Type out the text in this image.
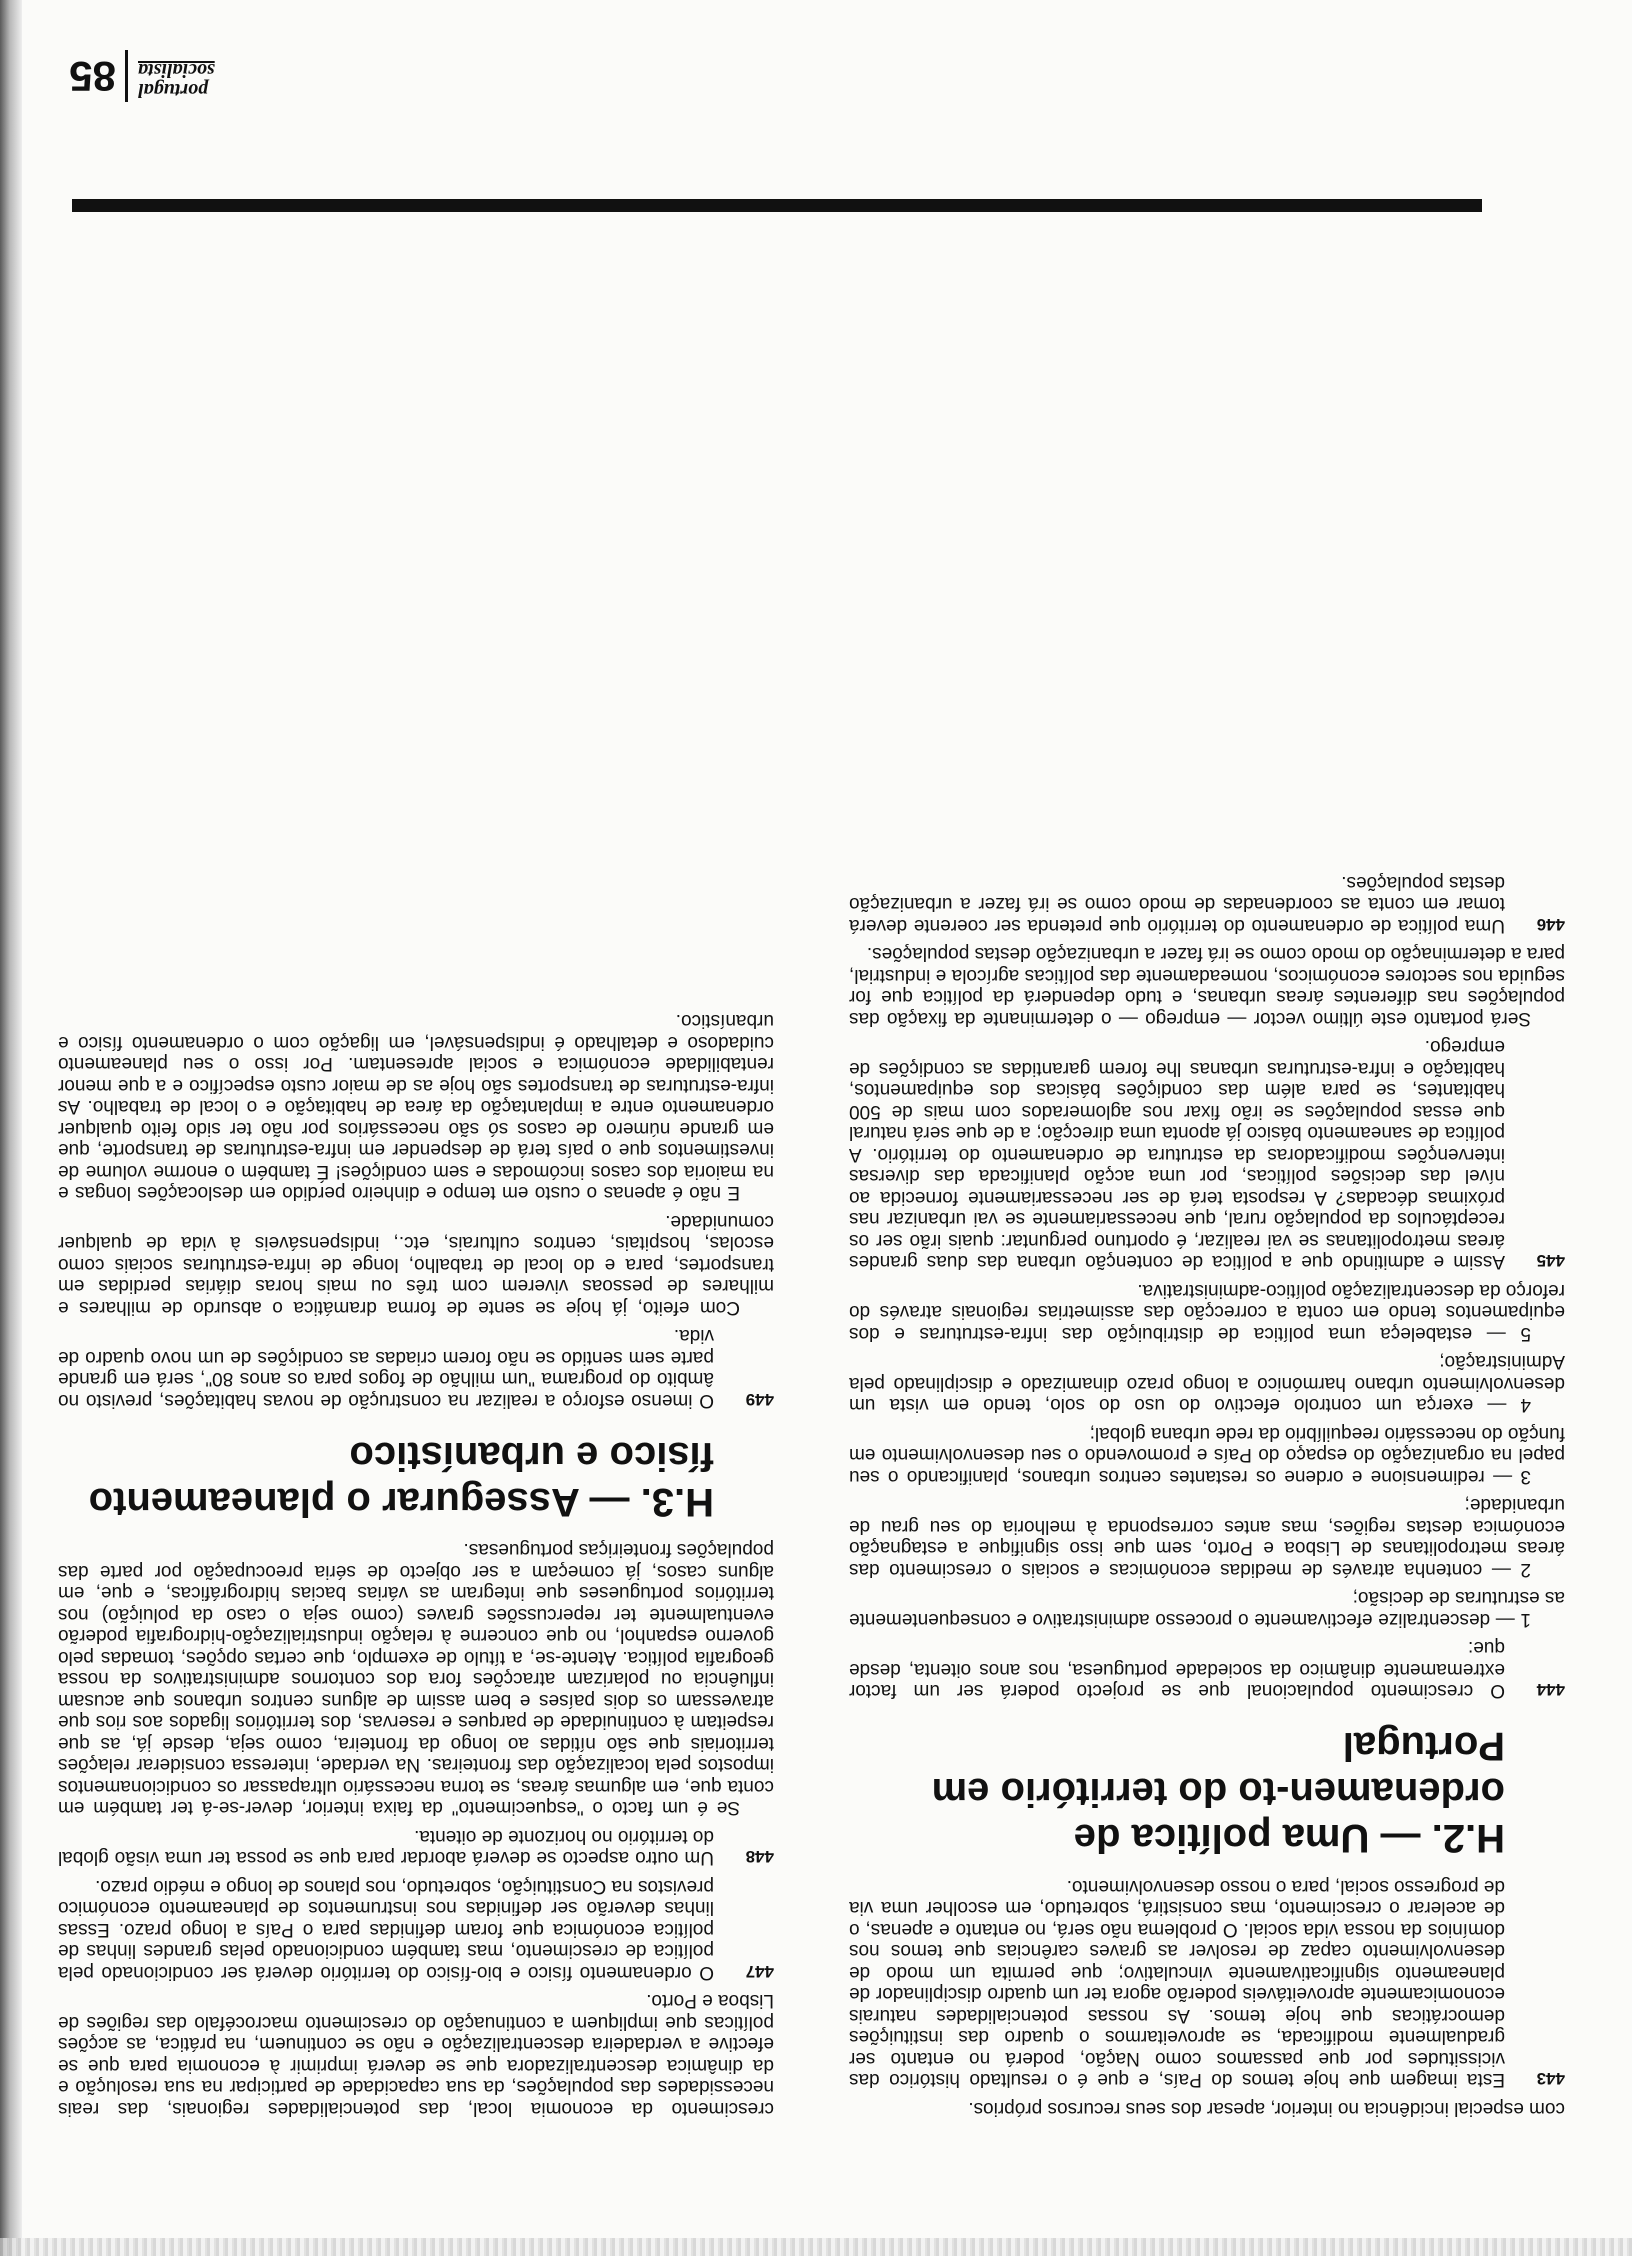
portugal
socialista
85

com especial incidência no interior, apesar dos seus recursos próprios.

443
Esta imagem que hoje temos do País, e que é o resultado histórico das vicissitudes por que passamos como Nação, poderá no entanto ser gradualmente modificada, se aproveitarmos o quadro das instituições democráticas que hoje temos. As nossas potencialidades naturais economicamente aproveitáveis poderão agora ter um quadro disciplinador de planeamento significativamente vinculativo; que permita um modo de desenvolvimento capaz de resolver as graves carências que temos nos domínios da nossa vida social. O problema não será, no entanto e apenas, o de acelerar o crescimento, mas consistirá, sobretudo, em escolher uma via de progresso social, para o nosso desenvolvimento.
H.2. — Uma política de ordenamen-to do território em Portugal
444
O crescimento populacional que se projecto poderá ser um factor extremamente dinâmico da sociedade portuguesa, nos anos oitenta, desde que:

1 — descentralize efectivamente o processo administrativo e consequentemente as estruturas de decisão;

2 — contenha através de medidas económicas e sociais o crescimento das áreas metropolitanas de Lisboa e Porto, sem que isso signifique a estagnação económica destas regiões, mas antes corresponda à melhoria do seu grau de urbanidade;

3 — redimensione e ordene os restantes centros urbanos, planificando o seu papel na organização do espaço do País e promovendo o seu desenvolvimento em função do necessário reequilíbrio da rede urbana global;

4 — exerça um controlo efectivo do uso do solo, tendo em vista um desenvolvimento urbano harmónico a longo prazo dinamizado e disciplinado pela Administração;

5 — estabeleça uma política de distribuição das infra-estruturas e dos equipamentos tendo em conta a correcção das assimetrias regionais através do reforço da descentralização político-administrativa.

445
Assim e admitindo que a política de contenção urbana das duas grandes áreas metropolitanas se vai realizar, é oportuno perguntar: quais irão ser os receptáculos da população rural, que necessariamente se vai urbanizar nas próximas décadas? A resposta terá de ser necessariamente fornecida ao nível das decisões políticas, por uma acção planificada das diversas intervenções modificadoras da estrutura de ordenamento do território. A política de saneamento básico já aponta uma direcção; a de que será natural que essas populações se irão fixar nos aglomerados com mais de 500 habitantes, se para além das condições básicas dos equipamentos, habitação e infra-estruturas urbanas lhe forem garantidas as condições de emprego.

Será portanto este último vector — emprego — o determinante da fixação das populações nas diferentes áreas urbanas, e tudo dependerá da política que for seguida nos sectores económicos, nomeadamente das políticas agrícola e industrial, para a determinação do modo como se irá fazer a urbanização destas populações.

446
Uma política de ordenamento do território que pretenda ser coerente deverá tomar em conta as coordenadas de modo como se irá fazer a urbanização destas populações.

crescimento da economia local, das potencialidades regionais, das reais necessidades das populações, da sua capacidade de participar na sua resolução e da dinâmica descentralizadora que se deverá imprimir à economia para que se efective a verdadeira descentralização e não se continuem, na prática, as acções políticas que impliquem a continuação do crescimento macrocéfalo das regiões de Lisboa e Porto.

447
O ordenamento físico e bio-físico do território deverá ser condicionado pela política de crescimento, mas também condicionado pelas grandes linhas de política económica que foram definidas para o País a longo prazo. Essas linhas deverão ser definidas nos instrumentos de planeamento económico previstos na Constituição, sobretudo, nos planos de longo e médio prazo.
448
Um outro aspecto se deverá abordar para que se possa ter uma visão global do território no horizonte de oitenta.

Se é um facto o "esquecimento" da faixa interior, dever-se-á ter também em conta que, em algumas áreas, se torna necessário ultrapassar os condicionamentos impostos pela localização das fronteiras. Na verdade, interessa considerar relações territoriais que são nítidas ao longo da fronteira, como seja, desde já, as que respeitam à continuidade de parques e reservas, dos territórios ligados aos rios que atravessam os dois países e bem assim de alguns centros urbanos que acusam influência ou polarizam atracções fora dos contornos administrativos da nossa geografia política. Atente-se, a título de exemplo, que certas opções, tomadas pelo governo espanhol, no que concerne à relação industrialização-hidrografia poderão eventualmente ter repercussões graves (como seja o caso da poluição) nos territórios portugueses que integram as várias bacias hidrográficas, e que, em alguns casos, já começam a ser objecto de séria preocupação por parte das populações fronteiriças portuguesas.

H.3. — Assegurar o planeamento físico e urbanístico
449
O imenso esforço a realizar na construção de novas habitações, previsto no âmbito do programa "um milhão de fogos para os anos 80", será em grande parte sem sentido se não forem criadas as condições de um novo quadro de vida.

Com efeito, já hoje se sente de forma dramática o absurdo de milhares e milhares de pessoas viverem com três ou mais horas diárias perdidas em transportes, para e do local de trabalho, longe de infra-estruturas sociais como escolas, hospitais, centros culturais, etc., indispensáveis à vida de qualquer comunidade.

E não é apenas o custo em tempo e dinheiro perdido em deslocações longas e na maioria dos casos incómodas e sem condições! É também o enorme volume de investimentos que o país terá de despender em infra-estruturas de transporte, que em grande número de casos só são necessários por não ter sido feito qualquer ordenamento entre a implantação da área de habitação e o local de trabalho. As infra-estruturas de transportes são hoje as de maior custo específico e a que menor rentabilidade económica e social apresentam. Por isso o seu planeamento cuidadoso e detalhado é indispensável, em ligação com o ordenamento físico e urbanístico.
